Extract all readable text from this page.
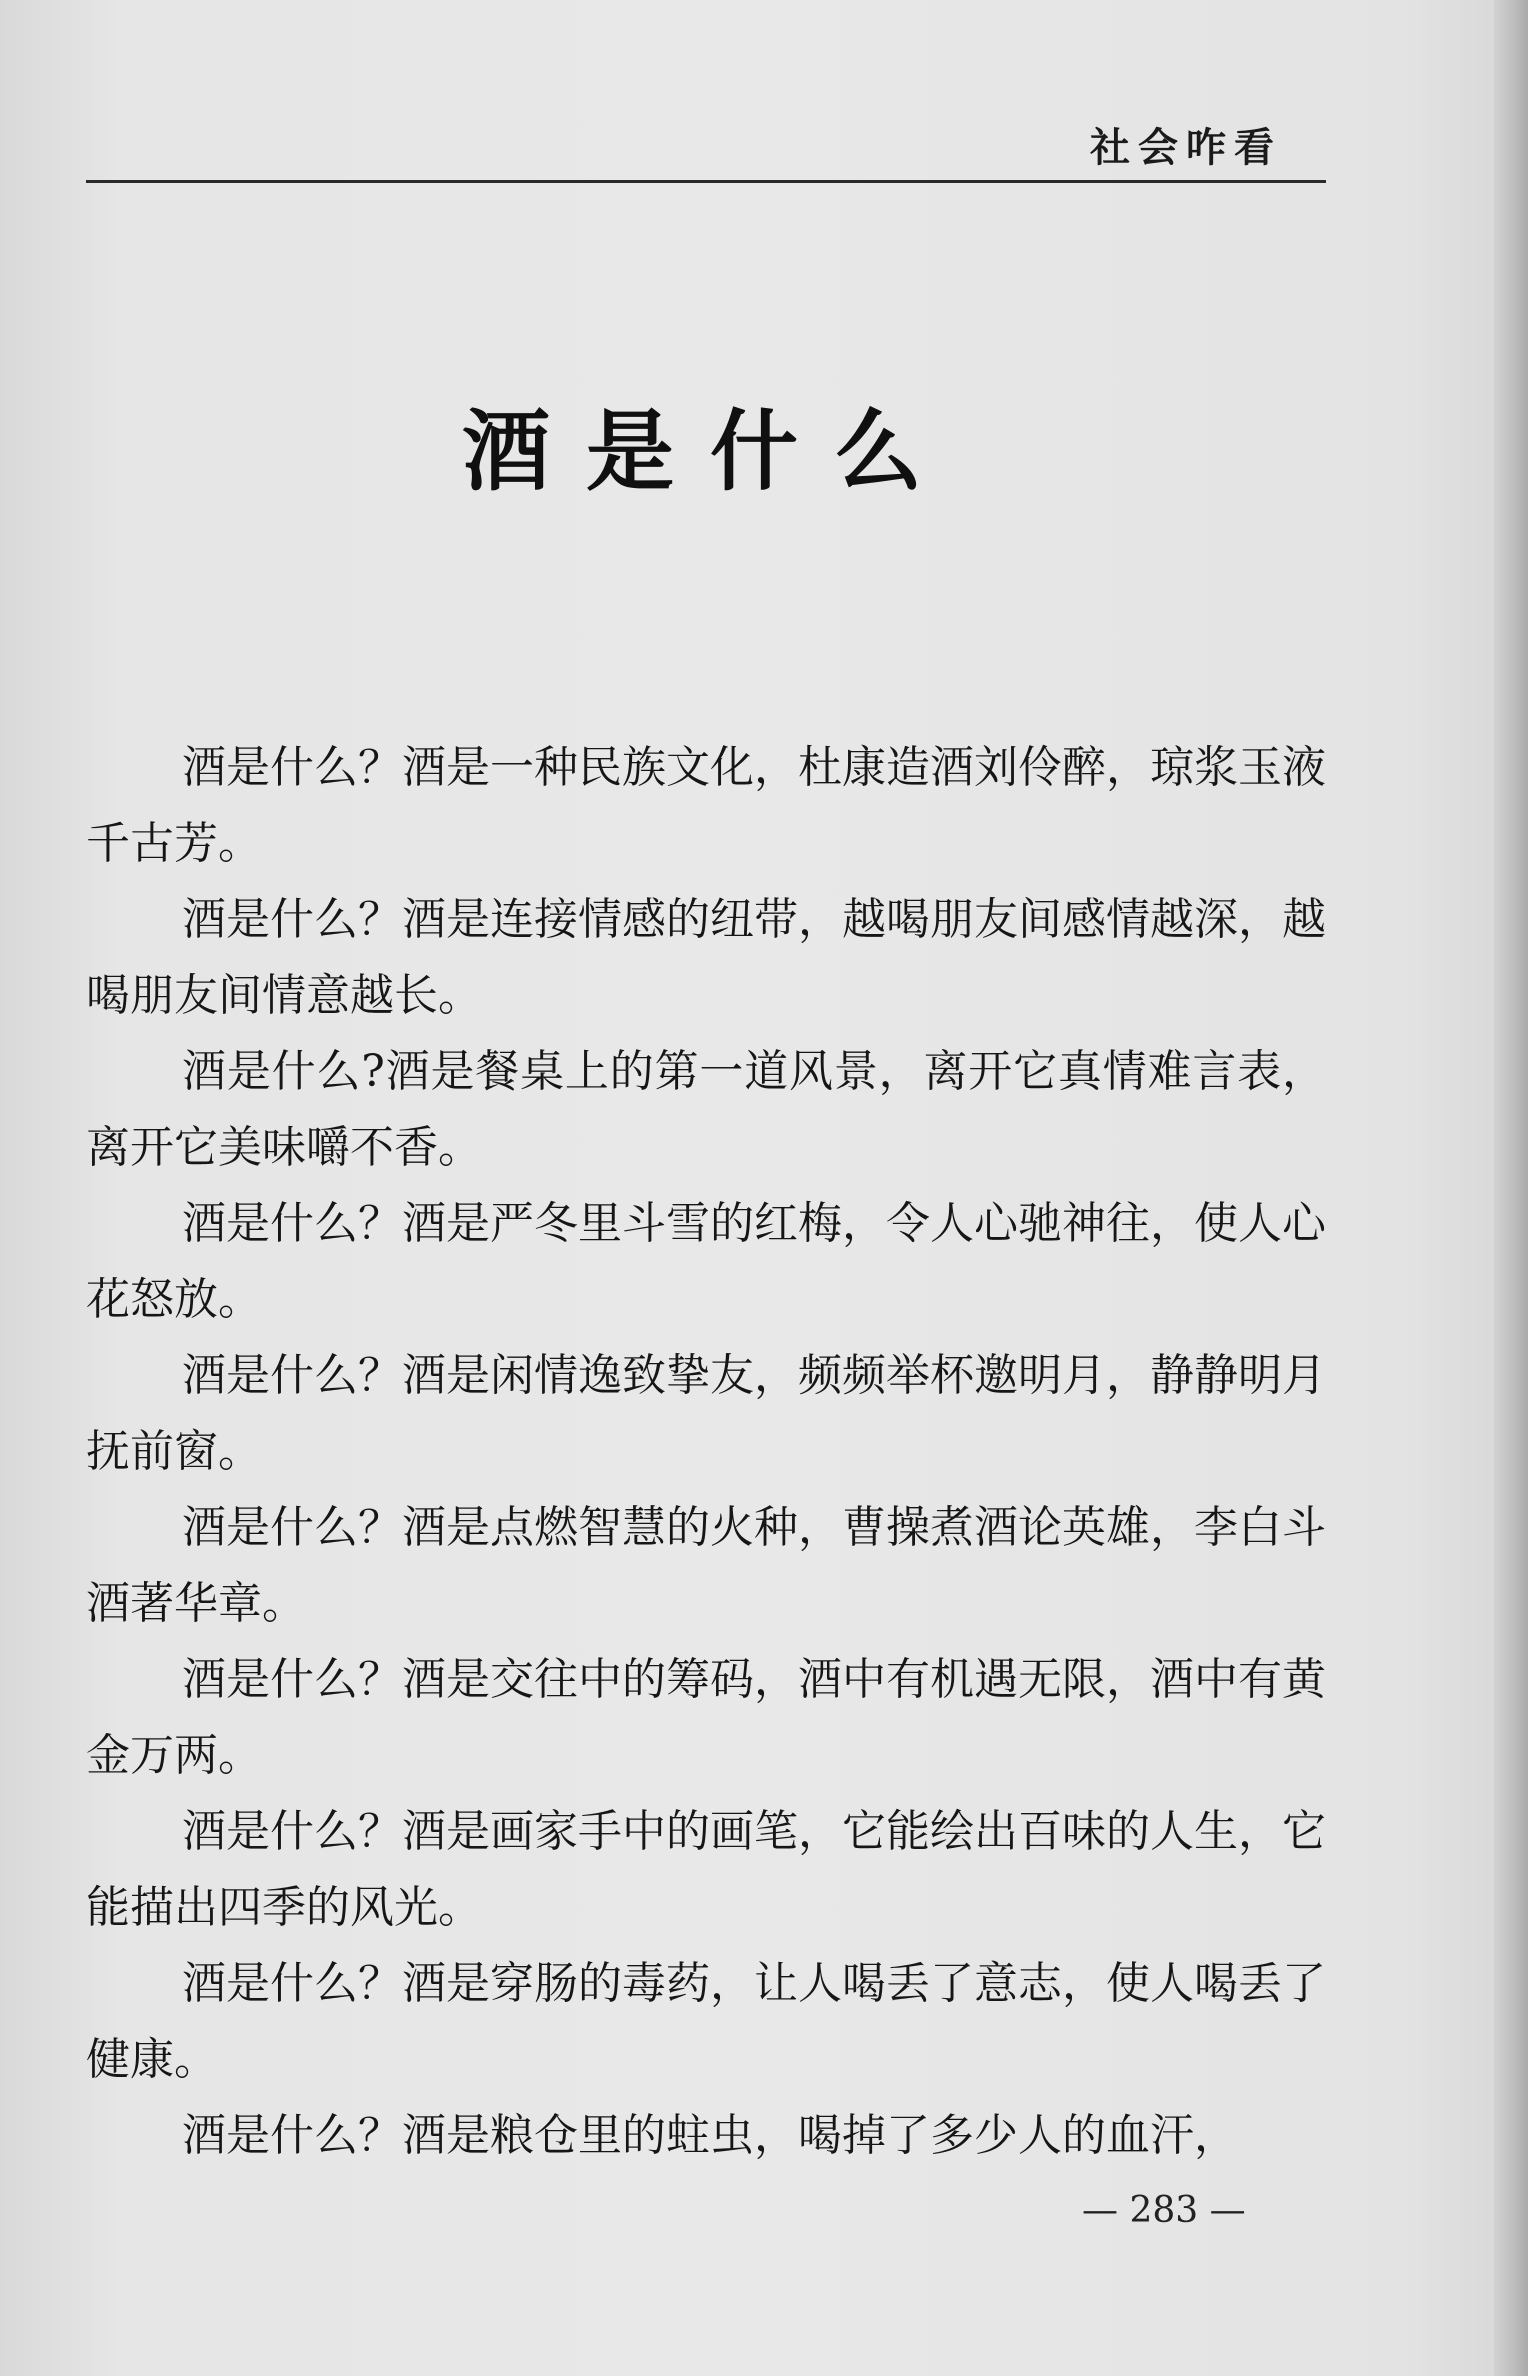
社会咋看
酒是什么

酒是什么？酒是一种民族文化，杜康造酒刘伶醉，琼浆玉液千古芳。

酒是什么？酒是连接情感的纽带，越喝朋友间感情越深，越喝朋友间情意越长。

酒是什么?酒是餐桌上的第一道风景，离开它真情难言表，离开它美味嚼不香。

酒是什么？酒是严冬里斗雪的红梅，令人心驰神往，使人心花怒放。

酒是什么？酒是闲情逸致挚友，频频举杯邀明月，静静明月抚前窗。

酒是什么？酒是点燃智慧的火种，曹操煮酒论英雄，李白斗酒著华章。

酒是什么？酒是交往中的筹码，酒中有机遇无限，酒中有黄金万两。

酒是什么？酒是画家手中的画笔，它能绘出百味的人生，它能描出四季的风光。

酒是什么？酒是穿肠的毒药，让人喝丢了意志，使人喝丢了健康。

酒是什么？酒是粮仓里的蛀虫，喝掉了多少人的血汗，

— 283 —
